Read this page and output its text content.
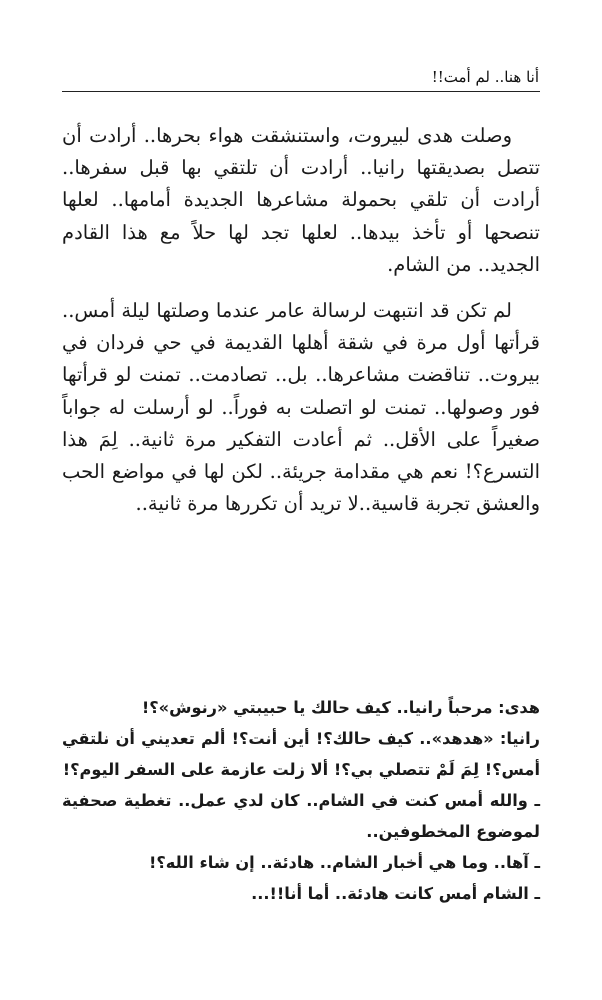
أنا هنا.. لم أمت!!

وصلت هدى لبيروت، واستنشقت هواء بحرها.. أرادت أن تتصل بصديقتها رانيا.. أرادت أن تلتقي بها قبل سفرها.. أرادت أن تلقي بحمولة مشاعرها الجديدة أمامها.. لعلها تنصحها أو تأخذ بيدها.. لعلها تجد لها حلاً مع هذا القادم الجديد.. من الشام.

لم تكن قد انتبهت لرسالة عامر عندما وصلتها ليلة أمس.. قرأتها أول مرة في شقة أهلها القديمة في حي فردان في بيروت.. تناقضت مشاعرها.. بل.. تصادمت.. تمنت لو قرأتها فور وصولها.. تمنت لو اتصلت به فوراً.. لو أرسلت له جواباً صغيراً على الأقل.. ثم أعادت التفكير مرة ثانية.. لِمَ هذا التسرع؟! نعم هي مقدامة جريئة.. لكن لها في مواضع الحب والعشق تجربة قاسية..لا تريد أن تكررها مرة ثانية..

هدى: مرحباً رانيا.. كيف حالك يا حبيبتي «رنوش»؟!

رانيا: «هدهد».. كيف حالك؟! أين أنت؟! ألم تعديني أن نلتقي أمس؟! لِمَ لَمْ تتصلي بي؟! ألا زلت عازمة على السفر اليوم؟!

ـ والله أمس كنت في الشام.. كان لدي عمل.. تغطية صحفية لموضوع المخطوفين..

ـ آها.. وما هي أخبار الشام.. هادئة.. إن شاء الله؟!

ـ الشام أمس كانت هادئة.. أما أنا!!...
